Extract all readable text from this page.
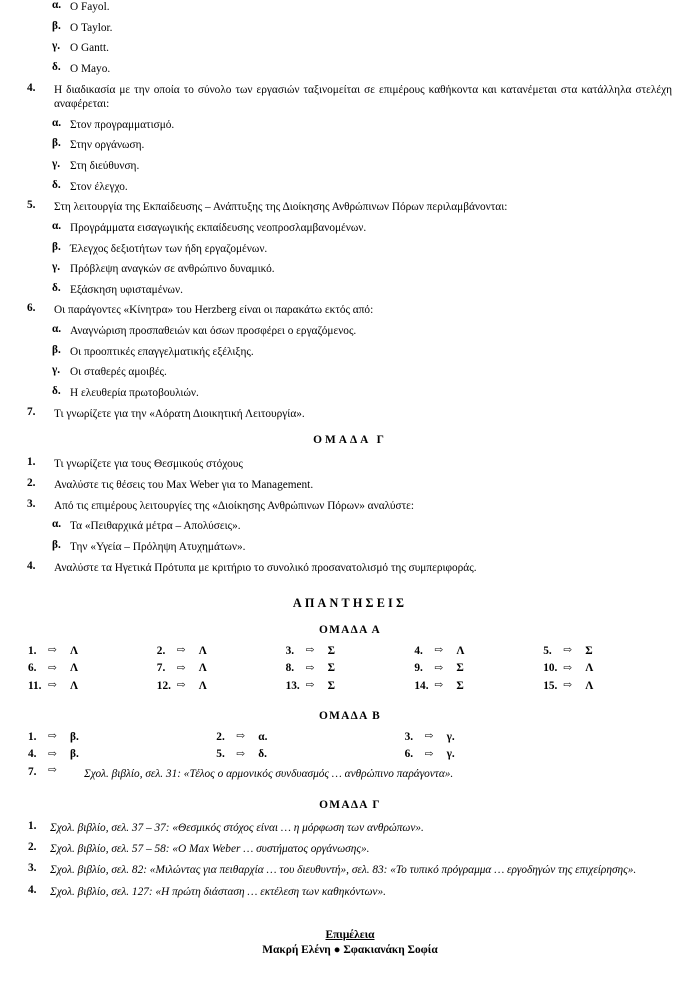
α. Ο Fayol.
β. Ο Taylor.
γ. Ο Gantt.
δ. Ο Mayo.
4.	Η διαδικασία με την οποία το σύνολο των εργασιών ταξινομείται σε επιμέρους καθήκοντα και κατανέμεται στα κατάλληλα στελέχη αναφέρεται:
α. Στον προγραμματισμό.
β. Στην οργάνωση.
γ. Στη διεύθυνση.
δ. Στον έλεγχο.
5.	Στη λειτουργία της Εκπαίδευσης – Ανάπτυξης της Διοίκησης Ανθρώπινων Πόρων περιλαμβάνονται:
α. Προγράμματα εισαγωγικής εκπαίδευσης νεοπροσλαμβανομένων.
β. Έλεγχος δεξιοτήτων των ήδη εργαζομένων.
γ. Πρόβλεψη αναγκών σε ανθρώπινο δυναμικό.
δ. Εξάσκηση υφισταμένων.
6.	Οι παράγοντες «Κίνητρα» του Herzberg είναι οι παρακάτω εκτός από:
α. Αναγνώριση προσπαθειών και όσων προσφέρει ο εργαζόμενος.
β. Οι προοπτικές επαγγελματικής εξέλιξης.
γ. Οι σταθερές αμοιβές.
δ. Η ελευθερία πρωτοβουλιών.
7.	Τι γνωρίζετε για την «Αόρατη Διοικητική Λειτουργία».
ΟΜΑΔΑ Γ
1.	Τι γνωρίζετε για τους Θεσμικούς στόχους
2.	Αναλύστε τις θέσεις του Max Weber για το Management.
3.	Από τις επιμέρους λειτουργίες της «Διοίκησης Ανθρώπινων Πόρων» αναλύστε:
α. Τα «Πειθαρχικά μέτρα – Απολύσεις».
β. Την «Υγεία – Πρόληψη Ατυχημάτων».
4.	Αναλύστε τα Ηγετικά Πρότυπα με κριτήριο το συνολικό προσανατολισμό της συμπεριφοράς.
ΑΠΑΝΤΗΣΕΙΣ
ΟΜΑΔΑ Α
1.	⇨	Λ	2.	⇨	Λ	3.	⇨	Σ	4.	⇨	Λ	5.	⇨	Σ
6.	⇨	Λ	7.	⇨	Λ	8.	⇨	Σ	9.	⇨	Σ	10. ⇨	Λ
11. ⇨	Λ	12. ⇨	Λ	13. ⇨	Σ	14. ⇨	Σ	15. ⇨	Λ
ΟΜΑΔΑ Β
1.	⇨	β.	2.	⇨	α.	3.	⇨	γ.
4.	⇨	β.	5.	⇨	δ.	6.	⇨	γ.
7.	⇨	Σχολ. βιβλίο, σελ. 31: «Τέλος ο αρμονικός συνδυασμός … ανθρώπινο παράγοντα».
ΟΜΑΔΑ Γ
1.	Σχολ. βιβλίο, σελ. 37 – 37: «Θεσμικός στόχος είναι … η μόρφωση των ανθρώπων».
2.	Σχολ. βιβλίο, σελ. 57 – 58: «Ο Max Weber … συστήματος οργάνωσης».
3.	Σχολ. βιβλίο, σελ. 82: «Μιλώντας για πειθαρχία … του διευθυντή», σελ. 83: «Το τυπικό πρόγραμμα … εργοδηγών της επιχείρησης».
4.	Σχολ. βιβλίο, σελ. 127: «Η πρώτη διάσταση … εκτέλεση των καθηκόντων».
Επιμέλεια
Μακρή Ελένη ● Σφακιανάκη Σοφία
